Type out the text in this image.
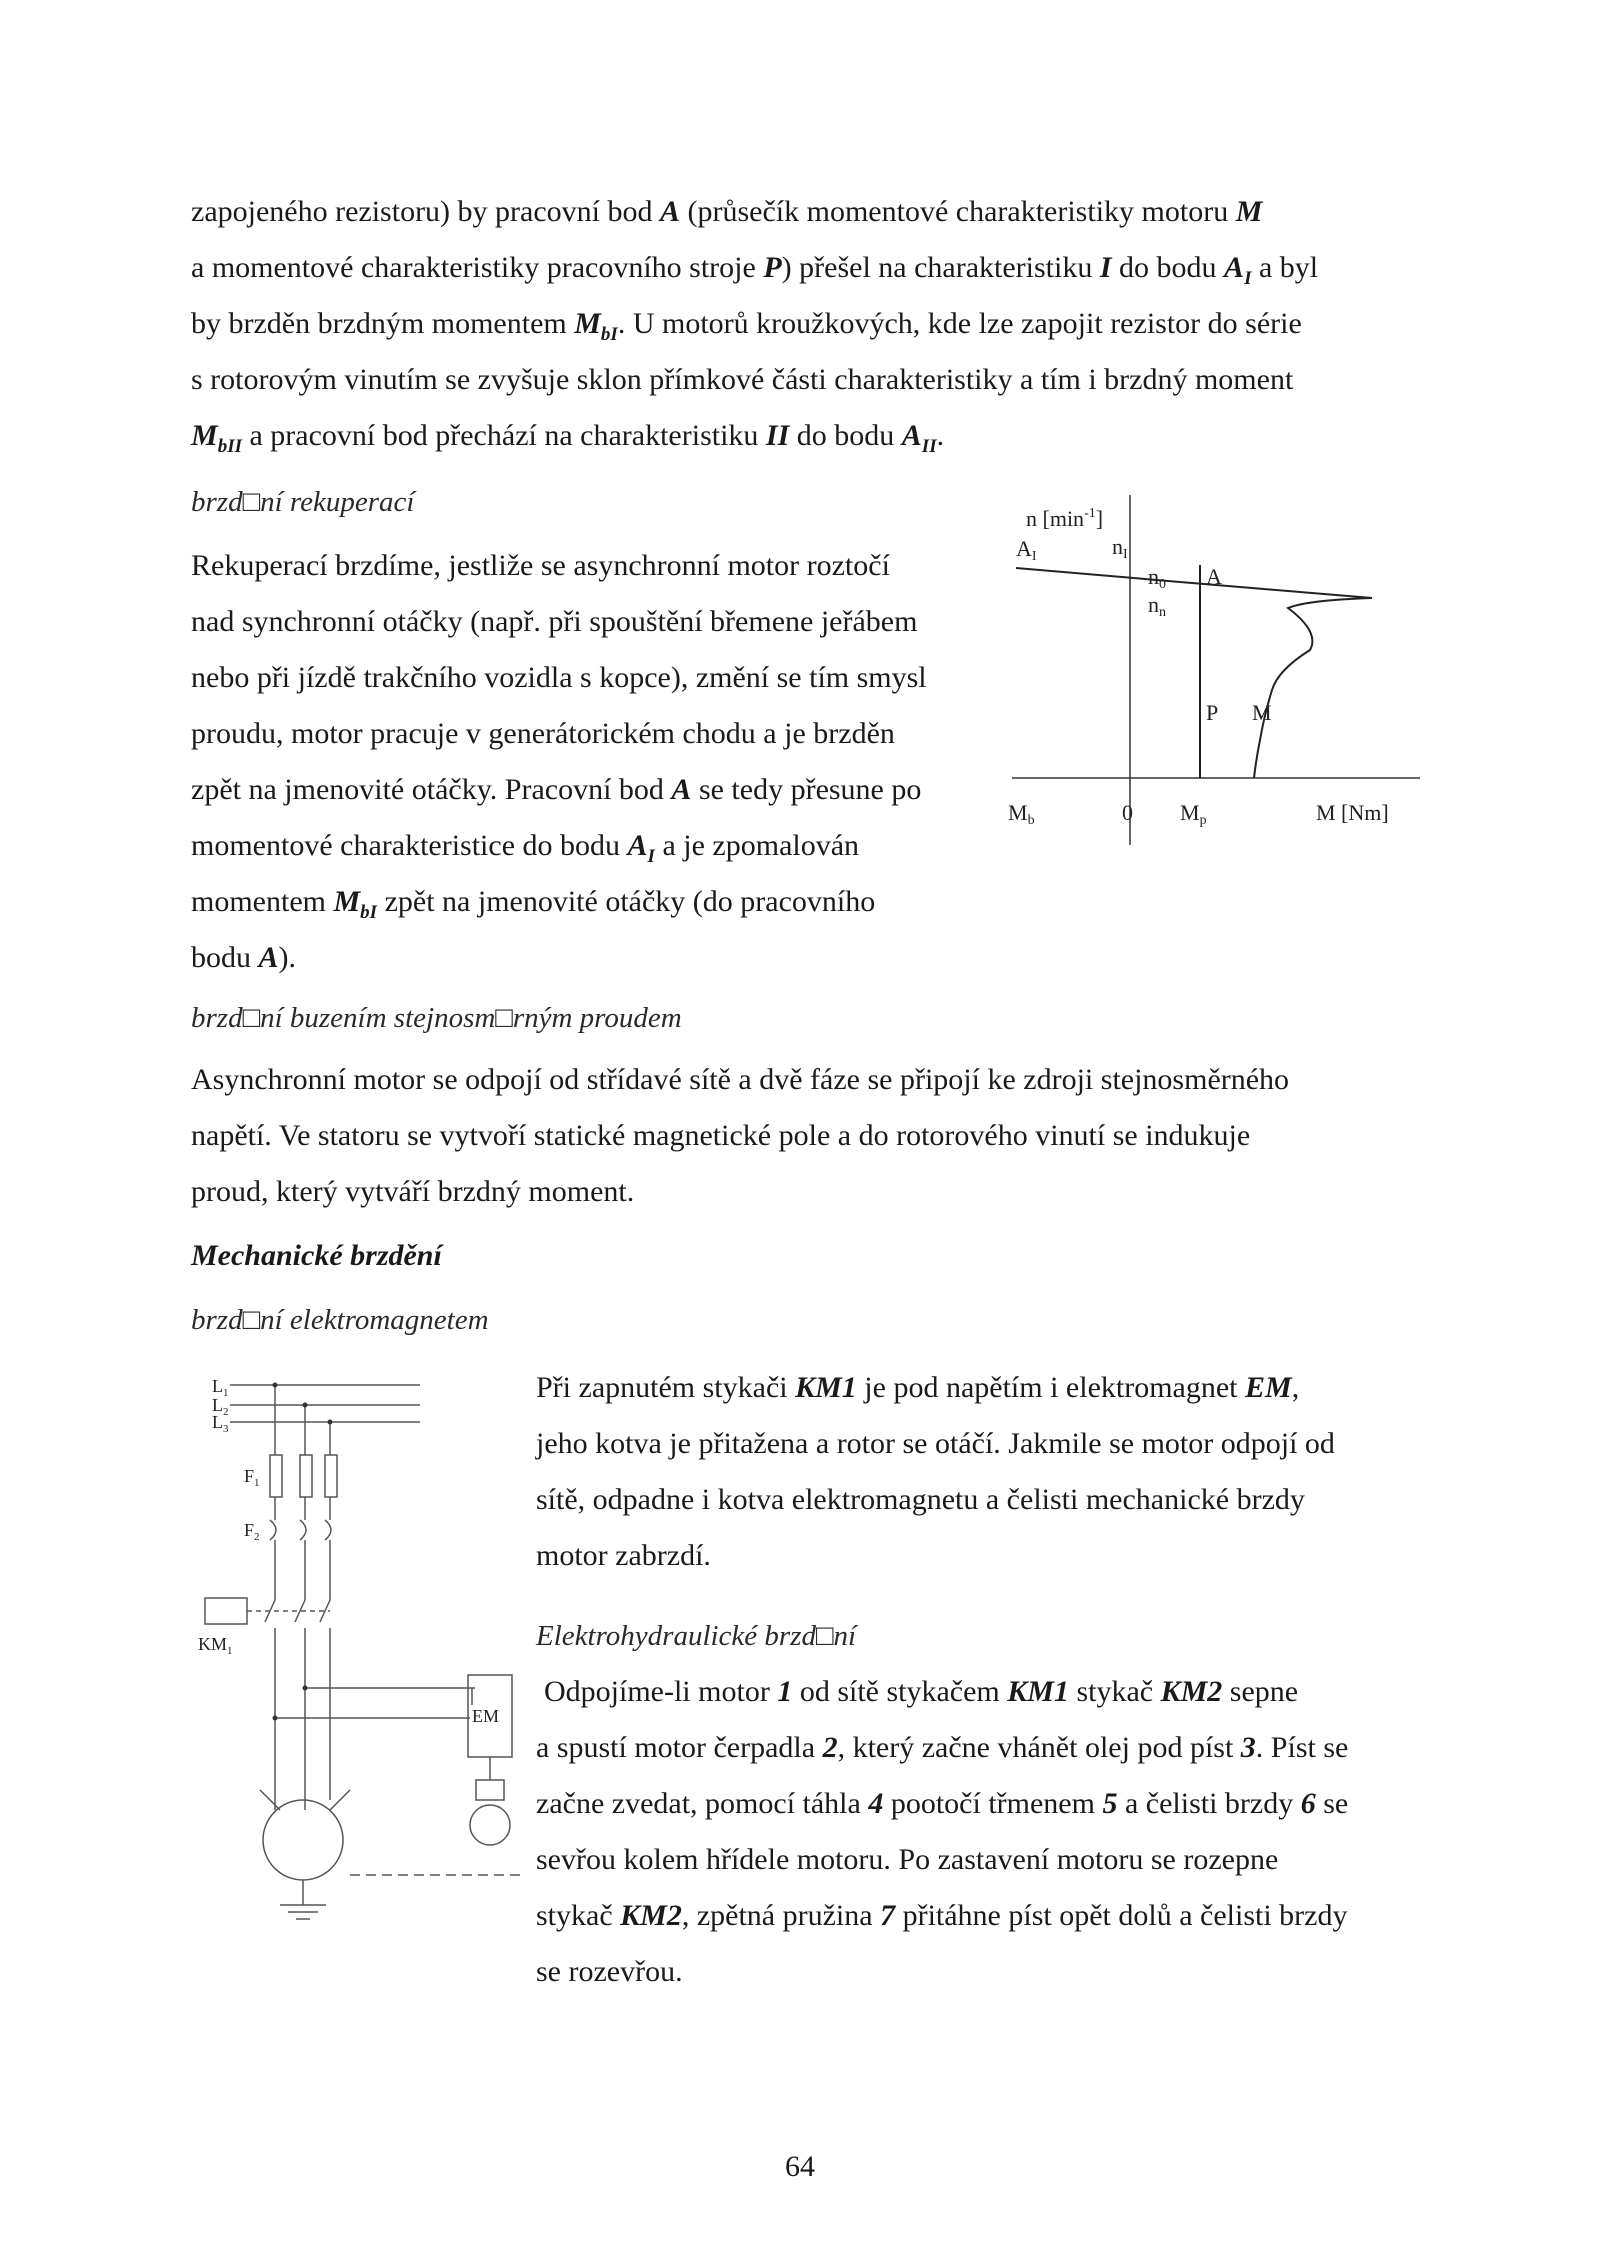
zapojeného rezistoru) by pracovní bod A (průsečík momentové charakteristiky motoru M

a momentové charakteristiky pracovního stroje P) přešel na charakteristiku I do bodu $A_I$ a byl

by brzděn brzdným momentem $M_{bI}$. U motorů kroužkových, kde lze zapojit rezistor do série

s rotorovým vinutím se zvyšuje sklon přímkové části charakteristiky a tím i brzdný moment

$M_{bII}$ a pracovní bod přechází na charakteristiku II do bodu $A_{II}$.

brzd□ní rekuperací

Rekuperací brzdíme, jestliže se asynchronní motor roztočí

nad synchronní otáčky (např. při spouštění břemene jeřábem

nebo při jízdě trakčního vozidla s kopce), změní se tím smysl

proudu, motor pracuje v generátorickém chodu a je brzděn

zpět na jmenovité otáčky. Pracovní bod A se tedy přesune po

momentové charakteristice do bodu $A_I$ a je zpomalován

momentem $M_{bI}$ zpět na jmenovité otáčky (do pracovního

bodu A).

n $[\min^{-1}]$
AI	nI
n0
nn
A
P M
Mb	0 Mp	M [Nm]

brzd□ní buzením stejnosm□rným proudem

Asynchronní motor se odpojí od střídavé sítě a dvě fáze se připojí ke zdroji stejnosměrného

napětí. Ve statoru se vytvoří statické magnetické pole a do rotorového vinutí se indukuje

proud, který vytváří brzdný moment.

Mechanické brzdění

brzd□ní elektromagnetem

$L_1$
$L_2$
$L_3$
$F_1$
$F_2$
$KM_1$
EM

Při zapnutém stykači KM1 je pod napětím i elektromagnet EM,

jeho kotva je přitažena a rotor se otáčí. Jakmile se motor odpojí od

sítě, odpadne i kotva elektromagnetu a čelisti mechanické brzdy

motor zabrzdí.

Elektrohydraulické brzd□ní

Odpojíme-li motor 1 od sítě stykačem KM1 stykač KM2 sepne

a spustí motor čerpadla 2, který začne vhánět olej pod píst 3. Píst se

začne zvedat, pomocí táhla 4 pootočí třmenem 5 a čelisti brzdy 6 se

sevřou kolem hřídele motoru. Po zastavení motoru se rozepne

stykač KM2, zpětná pružina 7 přitáhne píst opět dolů a čelisti brzdy

se rozevřou.

64
